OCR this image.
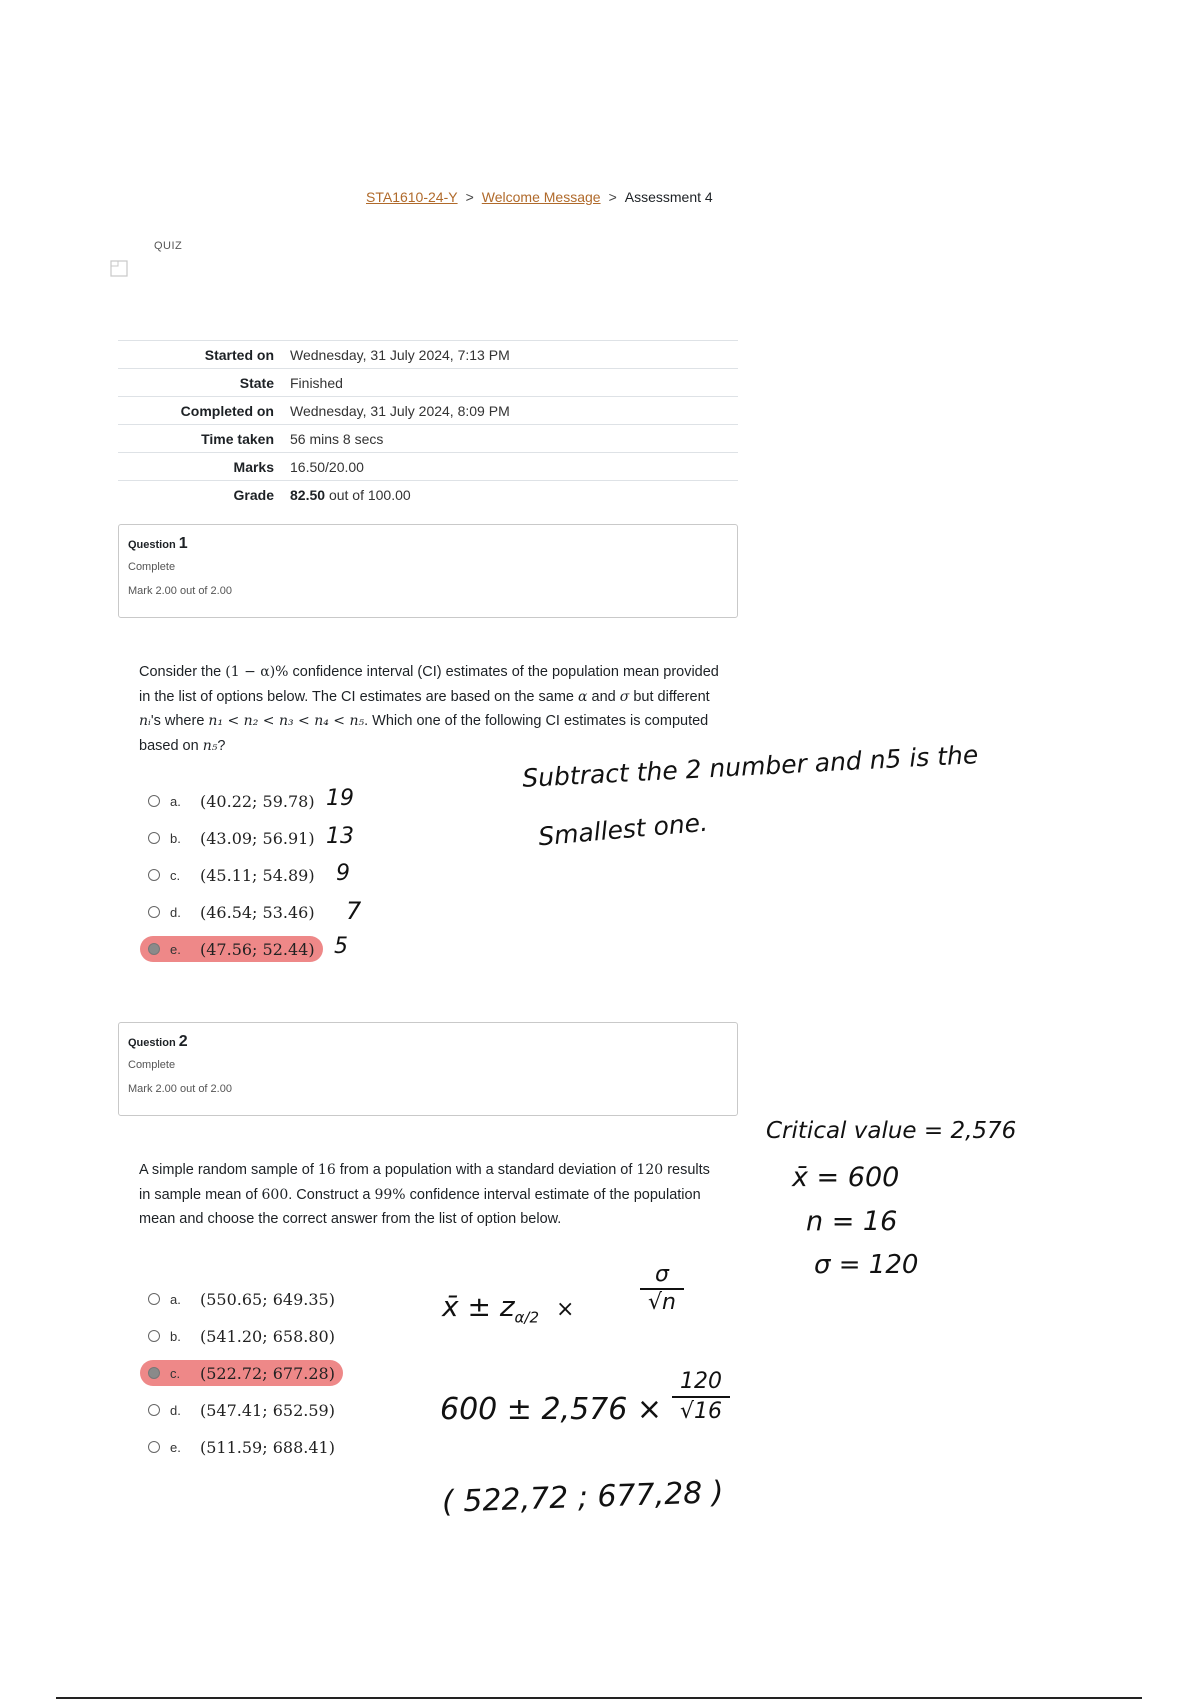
STA1610-24-Y > Welcome Message > Assessment 4
QUIZ
Started on	Wednesday, 31 July 2024, 7:13 PM
State	Finished
Completed on	Wednesday, 31 July 2024, 8:09 PM
Time taken	56 mins 8 secs
Marks	16.50/20.00
Grade	82.50 out of 100.00
Question 1
Complete
Mark 2.00 out of 2.00
Consider the (1 − α)% confidence interval (CI) estimates of the population mean provided in the list of options below. The CI estimates are based on the same α and σ but different nᵢ's where n₁ < n₂ < n₃ < n₄ < n₅. Which one of the following CI estimates is computed based on n₅?
a.	(40.22; 59.78)
b.	(43.09; 56.91)
c.	(45.11; 54.89)
d.	(46.54; 53.46)
e.	(47.56; 52.44)
19
13
9
7
5
Subtract the 2 number and n5 is the
Smallest one.
Question 2
Complete
Mark 2.00 out of 2.00
A simple random sample of 16 from a population with a standard deviation of 120 results in sample mean of 600. Construct a 99% confidence interval estimate of the population mean and choose the correct answer from the list of option below.
a.	(550.65; 649.35)
b.	(541.20; 658.80)
c.	(522.72; 677.28)
d.	(547.41; 652.59)
e.	(511.59; 688.41)
Critical value = 2,576
x̄ = 600
n = 16
σ = 120
x̄ ± $z_{\alpha/2}$ ×	$\frac{\sigma}{√n}$
$600 \pm 2,576 \times \frac{120}{√16}$
( 522,72 ; 677,28 )
